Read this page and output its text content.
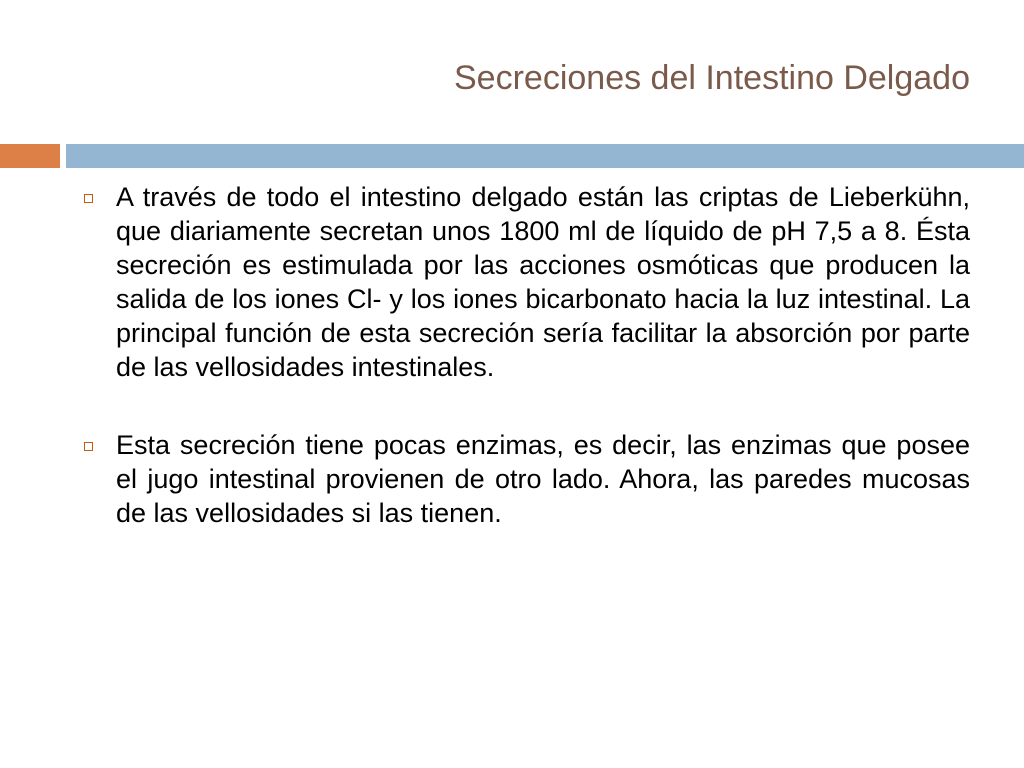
Secreciones del Intestino Delgado

A través de todo el intestino delgado están las criptas de Lieberkühn, que diariamente secretan unos 1800 ml de líquido de pH 7,5 a 8. Ésta secreción es estimulada por las acciones osmóticas que producen la salida de los iones Cl- y los iones bicarbonato hacia la luz intestinal. La principal función de esta secreción sería facilitar la absorción por parte de las vellosidades intestinales.

Esta secreción tiene pocas enzimas, es decir, las enzimas que posee el jugo intestinal provienen de otro lado. Ahora, las paredes mucosas de las vellosidades si las tienen.
